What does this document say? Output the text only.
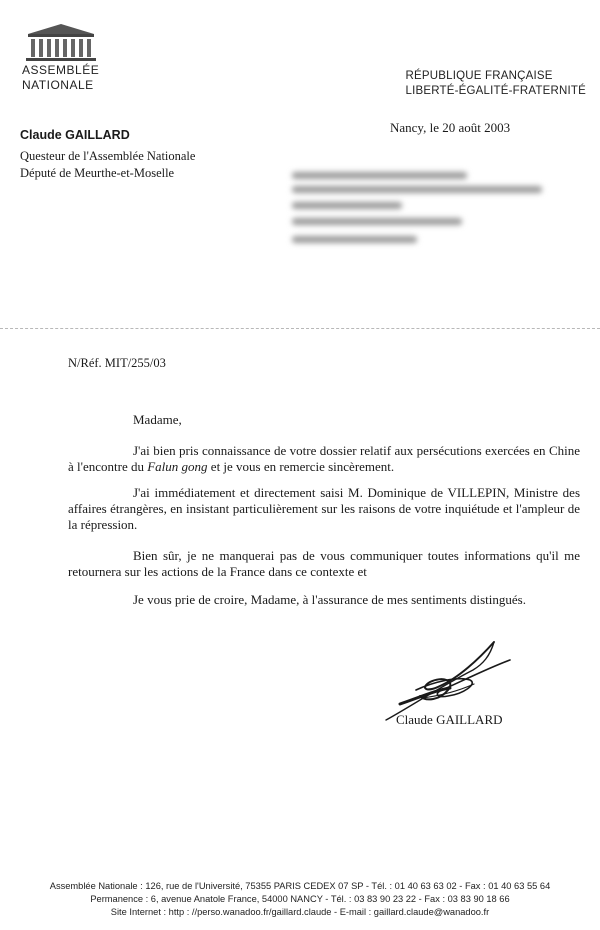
ASSEMBLÉE
NATIONALE
RÉPUBLIQUE FRANÇAISE
LIBERTÉ-ÉGALITÉ-FRATERNITÉ
Claude GAILLARD
Questeur de l'Assemblée Nationale
Député de Meurthe-et-Moselle
Nancy, le 20 août 2003
N/Réf. MIT/255/03
Madame,
J'ai bien pris connaissance de votre dossier relatif aux persécutions exercées en Chine à l'encontre du Falun gong et je vous en remercie sincèrement.
J'ai immédiatement et directement saisi M. Dominique de VILLEPIN, Ministre des affaires étrangères, en insistant particulièrement sur les raisons de votre inquiétude et l'ampleur de la répression.
Bien sûr, je ne manquerai pas de vous communiquer toutes informations qu'il me retournera sur les actions de la France dans ce contexte et
Je vous prie de croire, Madame, à l'assurance de mes sentiments distingués.
Claude GAILLARD
Assemblée Nationale : 126, rue de l'Université, 75355 PARIS CEDEX 07 SP - Tél. : 01 40 63 63 02 - Fax : 01 40 63 55 64
Permanence : 6, avenue Anatole France, 54000 NANCY - Tél. : 03 83 90 23 22 - Fax : 03 83 90 18 66
Site Internet : http : //perso.wanadoo.fr/gaillard.claude - E-mail : gaillard.claude@wanadoo.fr
